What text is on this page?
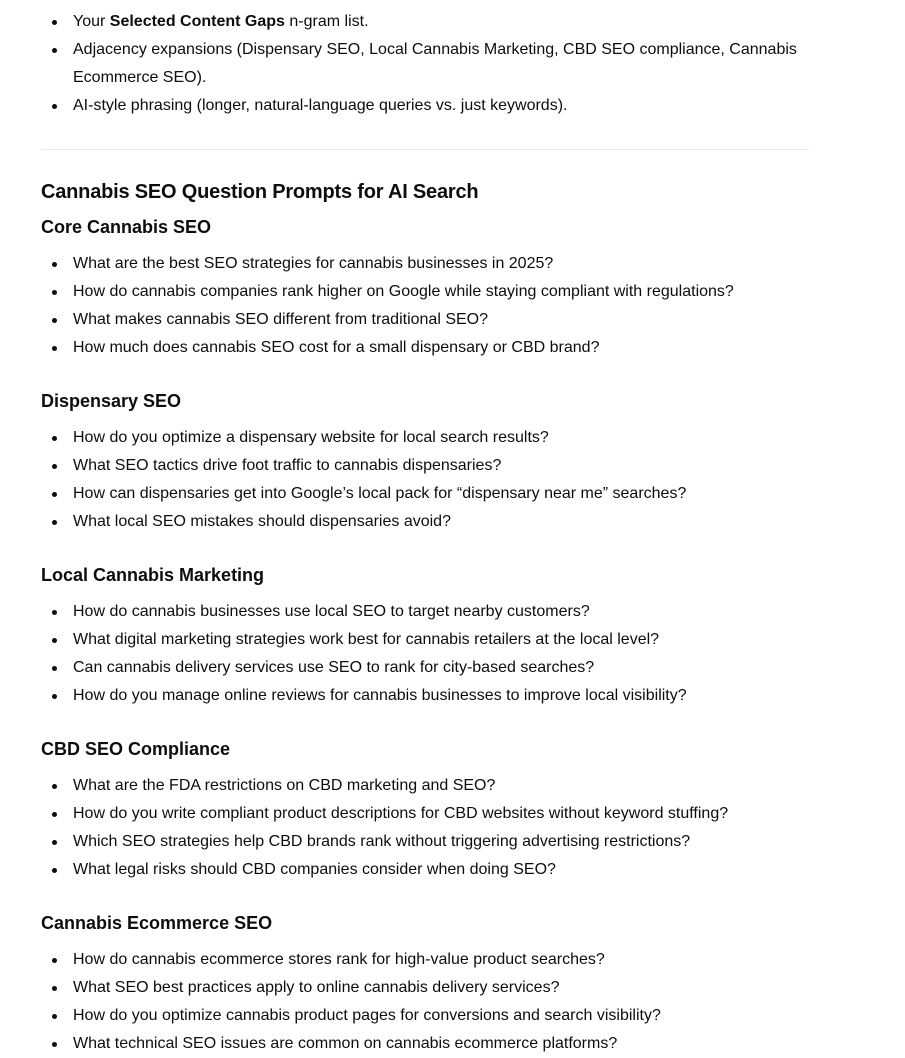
Your Selected Content Gaps n-gram list.
Adjacency expansions (Dispensary SEO, Local Cannabis Marketing, CBD SEO compliance, Cannabis
Ecommerce SEO).
AI-style phrasing (longer, natural-language queries vs. just keywords).
Cannabis SEO Question Prompts for AI Search
Core Cannabis SEO
What are the best SEO strategies for cannabis businesses in 2025?
How do cannabis companies rank higher on Google while staying compliant with regulations?
What makes cannabis SEO different from traditional SEO?
How much does cannabis SEO cost for a small dispensary or CBD brand?
Dispensary SEO
How do you optimize a dispensary website for local search results?
What SEO tactics drive foot traffic to cannabis dispensaries?
How can dispensaries get into Google’s local pack for “dispensary near me” searches?
What local SEO mistakes should dispensaries avoid?
Local Cannabis Marketing
How do cannabis businesses use local SEO to target nearby customers?
What digital marketing strategies work best for cannabis retailers at the local level?
Can cannabis delivery services use SEO to rank for city-based searches?
How do you manage online reviews for cannabis businesses to improve local visibility?
CBD SEO Compliance
What are the FDA restrictions on CBD marketing and SEO?
How do you write compliant product descriptions for CBD websites without keyword stuffing?
Which SEO strategies help CBD brands rank without triggering advertising restrictions?
What legal risks should CBD companies consider when doing SEO?
Cannabis Ecommerce SEO
How do cannabis ecommerce stores rank for high-value product searches?
What SEO best practices apply to online cannabis delivery services?
How do you optimize cannabis product pages for conversions and search visibility?
What technical SEO issues are common on cannabis ecommerce platforms?
